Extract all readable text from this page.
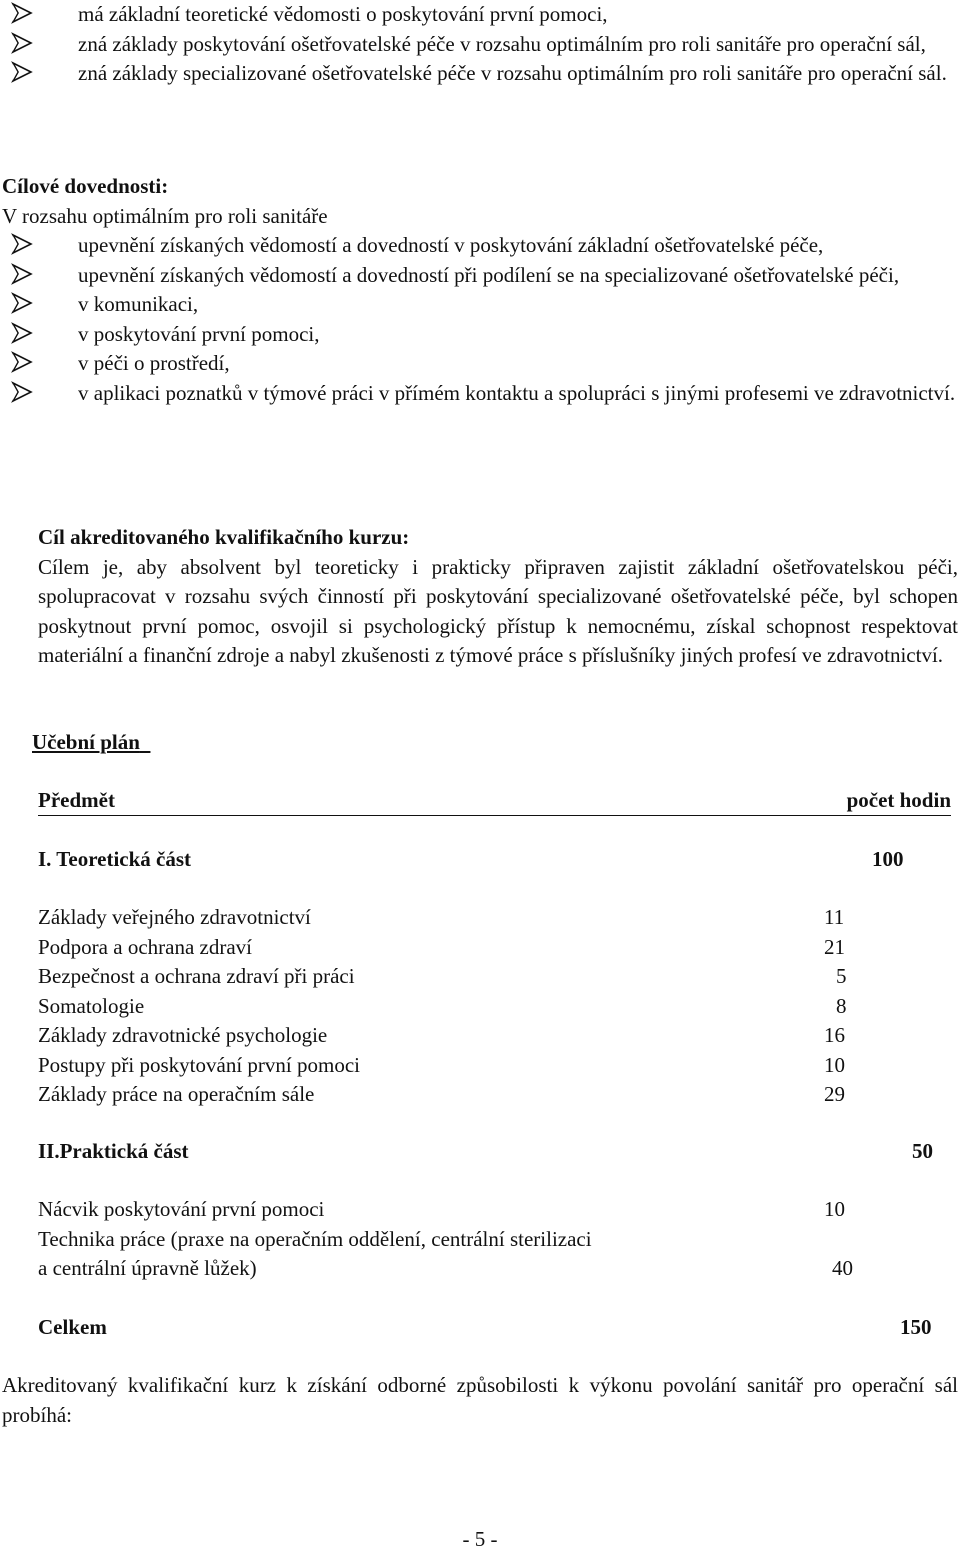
má základní teoretické vědomosti o poskytování první pomoci,
zná základy poskytování ošetřovatelské péče v rozsahu optimálním pro roli sanitáře pro operační sál,
zná základy specializované ošetřovatelské péče v rozsahu optimálním pro roli sanitáře pro operační sál.

Cílové dovednosti:

V rozsahu optimálním pro roli sanitáře

upevnění získaných vědomostí a dovedností v poskytování základní ošetřovatelské péče,
upevnění získaných vědomostí a dovedností při podílení se na specializované ošetřovatelské péči,
v komunikaci,
v poskytování první pomoci,
v péči o prostředí,
v aplikaci poznatků v týmové práci v přímém kontaktu a spolupráci s jinými profesemi ve zdravotnictví.

Cíl akreditovaného kvalifikačního kurzu:

Cílem je, aby absolvent byl teoreticky i prakticky připraven zajistit základní ošetřovatelskou péči, spolupracovat v rozsahu svých činností při poskytování specializované ošetřovatelské péče, byl schopen poskytnout první pomoc, osvojil si psychologický přístup k nemocnému, získal schopnost respektovat materiální a finanční zdroje a nabyl zkušenosti z týmové práce s příslušníky jiných profesí ve zdravotnictví.

Učební plán
Předmět	počet hodin
I. Teoretická část	100
Základy veřejného zdravotnictví	11
Podpora a ochrana zdraví	21
Bezpečnost a ochrana zdraví při práci	5
Somatologie	8
Základy zdravotnické psychologie	16
Postupy při poskytování první pomoci	10
Základy práce na operačním sále	29
II.Praktická část	50
Nácvik poskytování první pomoci	10
Technika práce (praxe na operačním oddělení, centrální sterilizaci
a centrální úpravně lůžek)	40
Celkem	150

Akreditovaný kvalifikační kurz k získání odborné způsobilosti k výkonu povolání sanitář pro operační sál probíhá:

- 5 -
